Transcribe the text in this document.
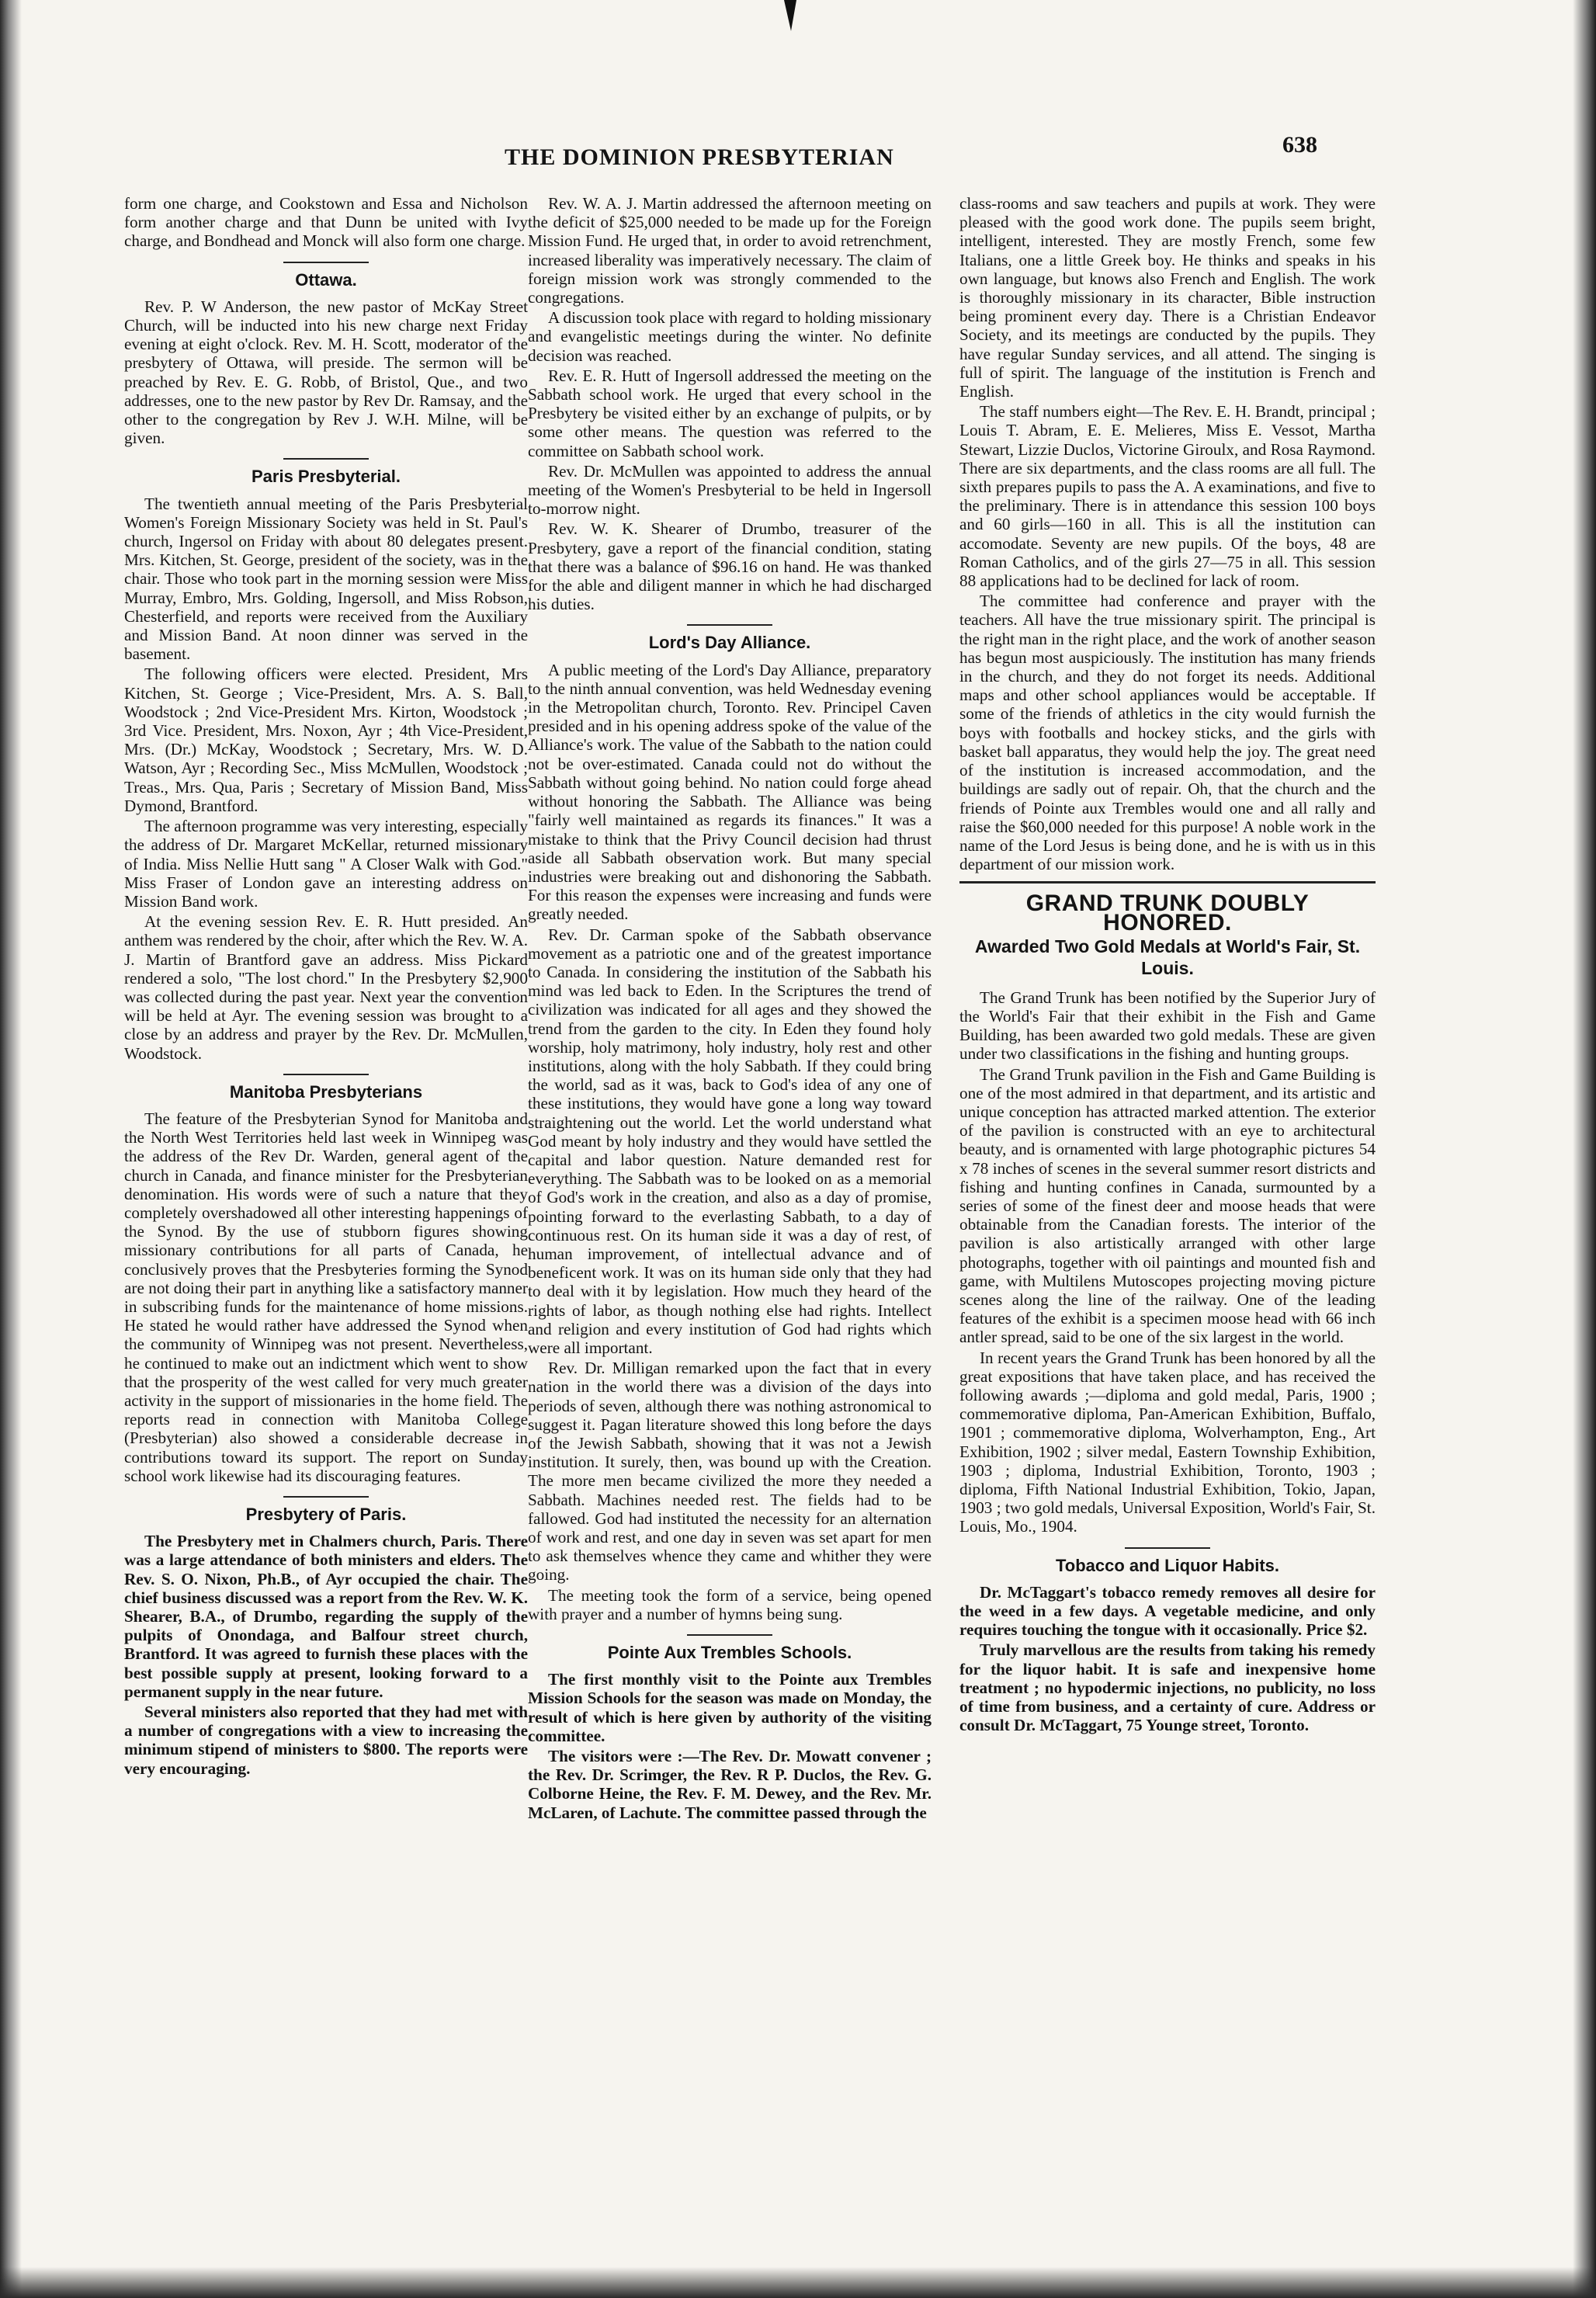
THE DOMINION PRESBYTERIAN	638

form one charge, and Cookstown and Essa and Nicholson form another charge and that Dunn be united with Ivy charge, and Bondhead and Monck will also form one charge.

Ottawa.

Rev. P. W Anderson, the new pastor of McKay Street Church, will be inducted into his new charge next Friday evening at eight o'clock. Rev. M. H. Scott, moderator of the presbytery of Ottawa, will preside. The sermon will be preached by Rev. E. G. Robb, of Bristol, Que., and two addresses, one to the new pastor by Rev Dr. Ramsay, and the other to the congregation by Rev J. W.H. Milne, will be given.

Paris Presbyterial.

The twentieth annual meeting of the Paris Presbyterial Women's Foreign Missionary Society was held in St. Paul's church, Ingersol on Friday with about 80 delegates present. Mrs. Kitchen, St. George, president of the society, was in the chair. Those who took part in the morning session were Miss Murray, Embro, Mrs. Golding, Ingersoll, and Miss Robson, Chesterfield, and reports were received from the Auxiliary and Mission Band. At noon dinner was served in the basement.

The following officers were elected. President, Mrs Kitchen, St. George ; Vice-President, Mrs. A. S. Ball, Woodstock ; 2nd Vice-President Mrs. Kirton, Woodstock ; 3rd Vice. President, Mrs. Noxon, Ayr ; 4th Vice-President, Mrs. (Dr.) McKay, Woodstock ; Secretary, Mrs. W. D. Watson, Ayr ; Recording Sec., Miss McMullen, Woodstock ; Treas., Mrs. Qua, Paris ; Secretary of Mission Band, Miss Dymond, Brantford.

The afternoon programme was very interesting, especially the address of Dr. Margaret McKellar, returned missionary of India. Miss Nellie Hutt sang " A Closer Walk with God." Miss Fraser of London gave an interesting address on Mission Band work.

At the evening session Rev. E. R. Hutt presided. An anthem was rendered by the choir, after which the Rev. W. A. J. Martin of Brantford gave an address. Miss Pickard rendered a solo, "The lost chord." In the Presbytery $2,900 was collected during the past year. Next year the convention will be held at Ayr. The evening session was brought to a close by an address and prayer by the Rev. Dr. McMullen, Woodstock.

Manitoba Presbyterians

The feature of the Presbyterian Synod for Manitoba and the North West Territories held last week in Winnipeg was the address of the Rev Dr. Warden, general agent of the church in Canada, and finance minister for the Presbyterian denomination. His words were of such a nature that they completely overshadowed all other interesting happenings of the Synod. By the use of stubborn figures showing missionary contributions for all parts of Canada, he conclusively proves that the Presbyteries forming the Synod are not doing their part in anything like a satisfactory manner in subscribing funds for the maintenance of home missions. He stated he would rather have addressed the Synod when the community of Winnipeg was not present. Nevertheless, he continued to make out an indictment which went to show that the prosperity of the west called for very much greater activity in the support of missionaries in the home field. The reports read in connection with Manitoba College (Presbyterian) also showed a considerable decrease in contributions toward its support. The report on Sunday school work likewise had its discouraging features.

Presbytery of Paris.

The Presbytery met in Chalmers church, Paris. There was a large attendance of both ministers and elders. The Rev. S. O. Nixon, Ph.B., of Ayr occupied the chair. The chief business discussed was a report from the Rev. W. K. Shearer, B.A., of Drumbo, regarding the supply of the pulpits of Onondaga, and Balfour street church, Brantford. It was agreed to furnish these places with the best possible supply at present, looking forward to a permanent supply in the near future.

Several ministers also reported that they had met with a number of congregations with a view to increasing the minimum stipend of ministers to $800. The reports were very encouraging.

Rev. W. A. J. Martin addressed the afternoon meeting on the deficit of $25,000 needed to be made up for the Foreign Mission Fund. He urged that, in order to avoid retrenchment, increased liberality was imperatively necessary. The claim of foreign mission work was strongly commended to the congregations.

A discussion took place with regard to holding missionary and evangelistic meetings during the winter. No definite decision was reached.

Rev. E. R. Hutt of Ingersoll addressed the meeting on the Sabbath school work. He urged that every school in the Presbytery be visited either by an exchange of pulpits, or by some other means. The question was referred to the committee on Sabbath school work.

Rev. Dr. McMullen was appointed to address the annual meeting of the Women's Presbyterial to be held in Ingersoll to-morrow night.

Rev. W. K. Shearer of Drumbo, treasurer of the Presbytery, gave a report of the financial condition, stating that there was a balance of $96.16 on hand. He was thanked for the able and diligent manner in which he had discharged his duties.

Lord's Day Alliance.

A public meeting of the Lord's Day Alliance, preparatory to the ninth annual convention, was held Wednesday evening in the Metropolitan church, Toronto. Rev. Principel Caven presided and in his opening address spoke of the value of the Alliance's work. The value of the Sabbath to the nation could not be over-estimated. Canada could not do without the Sabbath without going behind. No nation could forge ahead without honoring the Sabbath. The Alliance was being "fairly well maintained as regards its finances." It was a mistake to think that the Privy Council decision had thrust aside all Sabbath observation work. But many special industries were breaking out and dishonoring the Sabbath. For this reason the expenses were increasing and funds were greatly needed.

Rev. Dr. Carman spoke of the Sabbath observance movement as a patriotic one and of the greatest importance to Canada. In considering the institution of the Sabbath his mind was led back to Eden. In the Scriptures the trend of civilization was indicated for all ages and they showed the trend from the garden to the city. In Eden they found holy worship, holy matrimony, holy industry, holy rest and other institutions, along with the holy Sabbath. If they could bring the world, sad as it was, back to God's idea of any one of these institutions, they would have gone a long way toward straightening out the world. Let the world understand what God meant by holy industry and they would have settled the capital and labor question. Nature demanded rest for everything. The Sabbath was to be looked on as a memorial of God's work in the creation, and also as a day of promise, pointing forward to the everlasting Sabbath, to a day of continuous rest. On its human side it was a day of rest, of human improvement, of intellectual advance and of beneficent work. It was on its human side only that they had to deal with it by legislation. How much they heard of the rights of labor, as though nothing else had rights. Intellect and religion and every institution of God had rights which were all important.

Rev. Dr. Milligan remarked upon the fact that in every nation in the world there was a division of the days into periods of seven, although there was nothing astronomical to suggest it. Pagan literature showed this long before the days of the Jewish Sabbath, showing that it was not a Jewish institution. It surely, then, was bound up with the Creation. The more men became civilized the more they needed a Sabbath. Machines needed rest. The fields had to be fallowed. God had instituted the necessity for an alternation of work and rest, and one day in seven was set apart for men to ask themselves whence they came and whither they were going.

The meeting took the form of a service, being opened with prayer and a number of hymns being sung.

Pointe Aux Trembles Schools.

The first monthly visit to the Pointe aux Trembles Mission Schools for the season was made on Monday, the result of which is here given by authority of the visiting committee.

The visitors were :—The Rev. Dr. Mowatt convener ; the Rev. Dr. Scrimger, the Rev. R P. Duclos, the Rev. G. Colborne Heine, the Rev. F. M. Dewey, and the Rev. Mr. McLaren, of Lachute. The committee passed through the

class-rooms and saw teachers and pupils at work. They were pleased with the good work done. The pupils seem bright, intelligent, interested. They are mostly French, some few Italians, one a little Greek boy. He thinks and speaks in his own language, but knows also French and English. The work is thoroughly missionary in its character, Bible instruction being prominent every day. There is a Christian Endeavor Society, and its meetings are conducted by the pupils. They have regular Sunday services, and all attend. The singing is full of spirit. The language of the institution is French and English.

The staff numbers eight—The Rev. E. H. Brandt, principal ; Louis T. Abram, E. E. Melieres, Miss E. Vessot, Martha Stewart, Lizzie Duclos, Victorine Giroulx, and Rosa Raymond. There are six departments, and the class rooms are all full. The sixth prepares pupils to pass the A. A examinations, and five to the preliminary. There is in attendance this session 100 boys and 60 girls—160 in all. This is all the institution can accomodate. Seventy are new pupils. Of the boys, 48 are Roman Catholics, and of the girls 27—75 in all. This session 88 applications had to be declined for lack of room.

The committee had conference and prayer with the teachers. All have the true missionary spirit. The principal is the right man in the right place, and the work of another season has begun most auspiciously. The institution has many friends in the church, and they do not forget its needs. Additional maps and other school appliances would be acceptable. If some of the friends of athletics in the city would furnish the boys with footballs and hockey sticks, and the girls with basket ball apparatus, they would help the joy. The great need of the institution is increased accommodation, and the buildings are sadly out of repair. Oh, that the church and the friends of Pointe aux Trembles would one and all rally and raise the $60,000 needed for this purpose! A noble work in the name of the Lord Jesus is being done, and he is with us in this department of our mission work.

GRAND TRUNK DOUBLY HONORED.
Awarded Two Gold Medals at World's Fair, St. Louis.

The Grand Trunk has been notified by the Superior Jury of the World's Fair that their exhibit in the Fish and Game Building, has been awarded two gold medals. These are given under two classifications in the fishing and hunting groups.

The Grand Trunk pavilion in the Fish and Game Building is one of the most admired in that department, and its artistic and unique conception has attracted marked attention. The exterior of the pavilion is constructed with an eye to architectural beauty, and is ornamented with large photographic pictures 54 x 78 inches of scenes in the several summer resort districts and fishing and hunting confines in Canada, surmounted by a series of some of the finest deer and moose heads that were obtainable from the Canadian forests. The interior of the pavilion is also artistically arranged with other large photographs, together with oil paintings and mounted fish and game, with Multilens Mutoscopes projecting moving picture scenes along the line of the railway. One of the leading features of the exhibit is a specimen moose head with 66 inch antler spread, said to be one of the six largest in the world.

In recent years the Grand Trunk has been honored by all the great expositions that have taken place, and has received the following awards ;—diploma and gold medal, Paris, 1900 ; commemorative diploma, Pan-American Exhibition, Buffalo, 1901 ; commemorative diploma, Wolverhampton, Eng., Art Exhibition, 1902 ; silver medal, Eastern Township Exhibition, 1903 ; diploma, Industrial Exhibition, Toronto, 1903 ; diploma, Fifth National Industrial Exhibition, Tokio, Japan, 1903 ; two gold medals, Universal Exposition, World's Fair, St. Louis, Mo., 1904.

Tobacco and Liquor Habits.

Dr. McTaggart's tobacco remedy removes all desire for the weed in a few days. A vegetable medicine, and only requires touching the tongue with it occasionally. Price $2.

Truly marvellous are the results from taking his remedy for the liquor habit. It is safe and inexpensive home treatment ; no hypodermic injections, no publicity, no loss of time from business, and a certainty of cure. Address or consult Dr. McTaggart, 75 Younge street, Toronto.
